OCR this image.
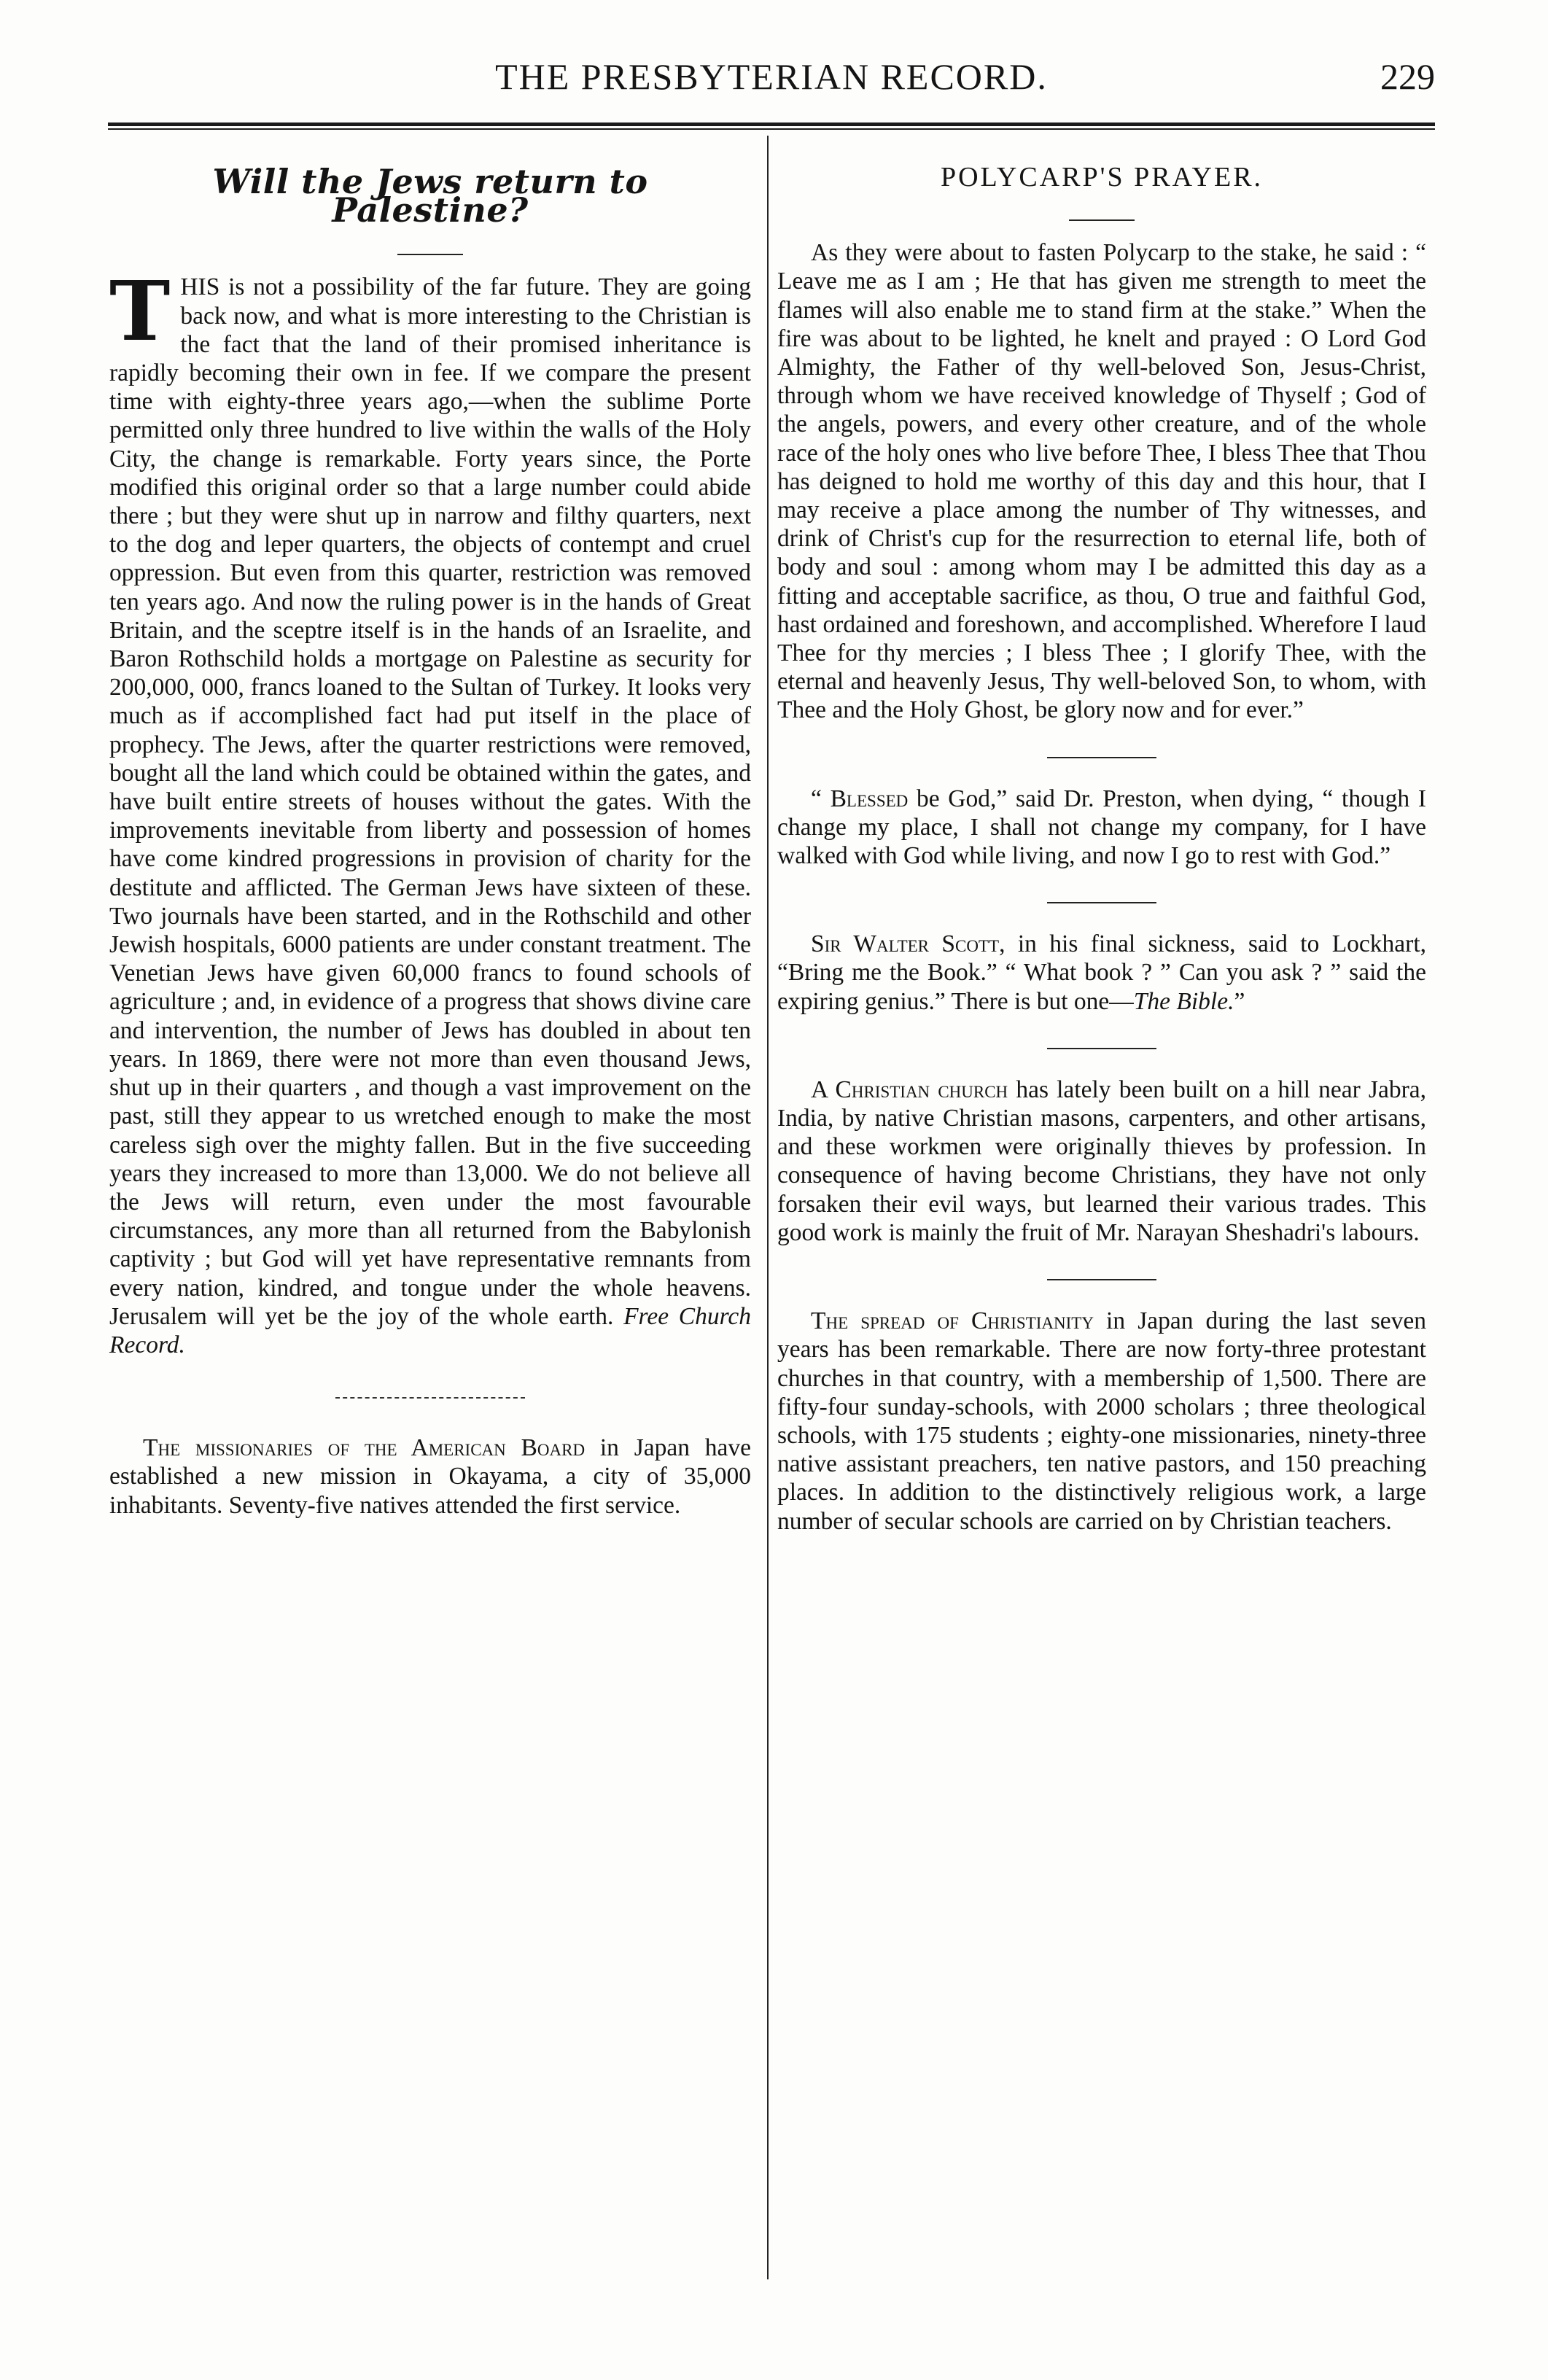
THE PRESBYTERIAN RECORD.	229
Will the Jews return to Palestine?

THIS is not a possibility of the far future. They are going back now, and what is more interesting to the Christian is the fact that the land of their promised inheritance is rapidly becoming their own in fee. If we compare the present time with eighty-three years ago,—when the sublime Porte permitted only three hundred to live within the walls of the Holy City, the change is remarkable. Forty years since, the Porte modified this original order so that a large number could abide there ; but they were shut up in narrow and filthy quarters, next to the dog and leper quarters, the objects of contempt and cruel oppression. But even from this quarter, restriction was removed ten years ago. And now the ruling power is in the hands of Great Britain, and the sceptre itself is in the hands of an Israelite, and Baron Rothschild holds a mortgage on Palestine as security for 200,000, 000, francs loaned to the Sultan of Turkey. It looks very much as if accomplished fact had put itself in the place of prophecy. The Jews, after the quarter restrictions were removed, bought all the land which could be obtained within the gates, and have built entire streets of houses without the gates. With the improvements inevitable from liberty and possession of homes have come kindred progressions in provision of charity for the destitute and afflicted. The German Jews have sixteen of these. Two journals have been started, and in the Rothschild and other Jewish hospitals, 6000 patients are under constant treatment. The Venetian Jews have given 60,000 francs to found schools of agriculture ; and, in evidence of a progress that shows divine care and intervention, the number of Jews has doubled in about ten years. In 1869, there were not more than even thousand Jews, shut up in their quarters , and though a vast improvement on the past, still they appear to us wretched enough to make the most careless sigh over the mighty fallen. But in the five succeeding years they increased to more than 13,000. We do not believe all the Jews will return, even under the most favourable circumstances, any more than all returned from the Babylonish captivity ; but God will yet have representative remnants from every nation, kindred, and tongue under the whole heavens. Jerusalem will yet be the joy of the whole earth. Free Church Record.

The missionaries of the American Board in Japan have established a new mission in Okayama, a city of 35,000 inhabitants. Seventy-five natives attended the first service.

POLYCARP'S PRAYER.

As they were about to fasten Polycarp to the stake, he said : “ Leave me as I am ; He that has given me strength to meet the flames will also enable me to stand firm at the stake.” When the fire was about to be lighted, he knelt and prayed : O Lord God Almighty, the Father of thy well-beloved Son, Jesus-Christ, through whom we have received knowledge of Thyself ; God of the angels, powers, and every other creature, and of the whole race of the holy ones who live before Thee, I bless Thee that Thou has deigned to hold me worthy of this day and this hour, that I may receive a place among the number of Thy witnesses, and drink of Christ's cup for the resurrection to eternal life, both of body and soul : among whom may I be admitted this day as a fitting and acceptable sacrifice, as thou, O true and faithful God, hast ordained and foreshown, and accomplished. Wherefore I laud Thee for thy mercies ; I bless Thee ; I glorify Thee, with the eternal and heavenly Jesus, Thy well-beloved Son, to whom, with Thee and the Holy Ghost, be glory now and for ever.”

“ Blessed be God,” said Dr. Preston, when dying, “ though I change my place, I shall not change my company, for I have walked with God while living, and now I go to rest with God.”

Sir Walter Scott, in his final sickness, said to Lockhart, “Bring me the Book.” “ What book ? ” Can you ask ? ” said the expiring genius.” There is but one—The Bible.”

A Christian church has lately been built on a hill near Jabra, India, by native Christian masons, carpenters, and other artisans, and these workmen were originally thieves by profession. In consequence of having become Christians, they have not only forsaken their evil ways, but learned their various trades. This good work is mainly the fruit of Mr. Narayan Sheshadri's labours.

The spread of Christianity in Japan during the last seven years has been remarkable. There are now forty-three protestant churches in that country, with a membership of 1,500. There are fifty-four sunday-schools, with 2000 scholars ; three theological schools, with 175 students ; eighty-one missionaries, ninety-three native assistant preachers, ten native pastors, and 150 preaching places. In addition to the distinctively religious work, a large number of secular schools are carried on by Christian teachers.
